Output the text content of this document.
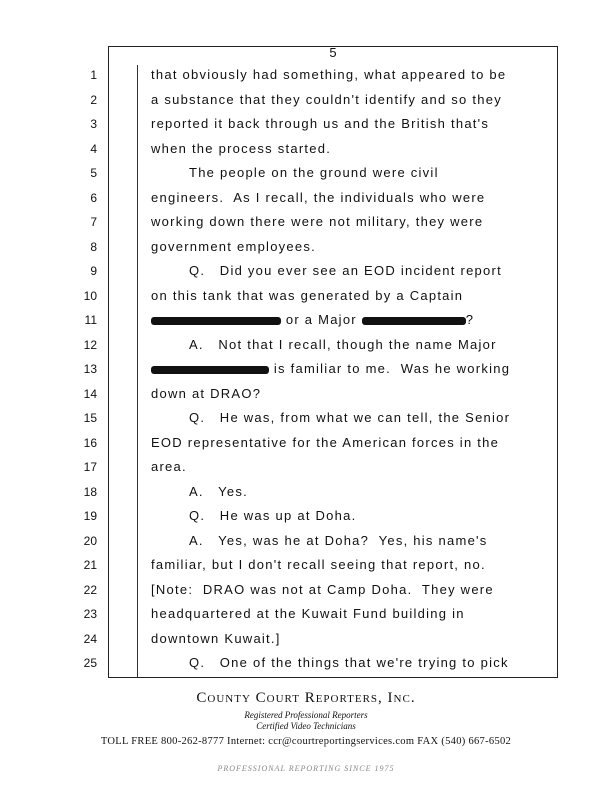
5
1	that obviously had something, what appeared to be
2	a substance that they couldn't identify and so they
3	reported it back through us and the British that's
4	when the process started.
5	The people on the ground were civil
6	engineers.  As I recall, the individuals who were
7	working down there were not military, they were
8	government employees.
9	Q.   Did you ever see an EOD incident report
10	on this tank that was generated by a Captain
11	or a Major	?
12	A.   Not that I recall, though the name Major
13	is familiar to me.  Was he working
14	down at DRAO?
15	Q.   He was, from what we can tell, the Senior
16	EOD representative for the American forces in the
17	area.
18	A.   Yes.
19	Q.   He was up at Doha.
20	A.   Yes, was he at Doha?  Yes, his name's
21	familiar, but I don't recall seeing that report, no.
22	[Note:  DRAO was not at Camp Doha.  They were
23	headquartered at the Kuwait Fund building in
24	downtown Kuwait.]
25	Q.   One of the things that we're trying to pick
County Court Reporters, Inc.
Registered Professional Reporters
Certified Video Technicians
TOLL FREE 800-262-8777 Internet: ccr@courtreportingservices.com FAX (540) 667-6502
PROFESSIONAL REPORTING SINCE 1975
